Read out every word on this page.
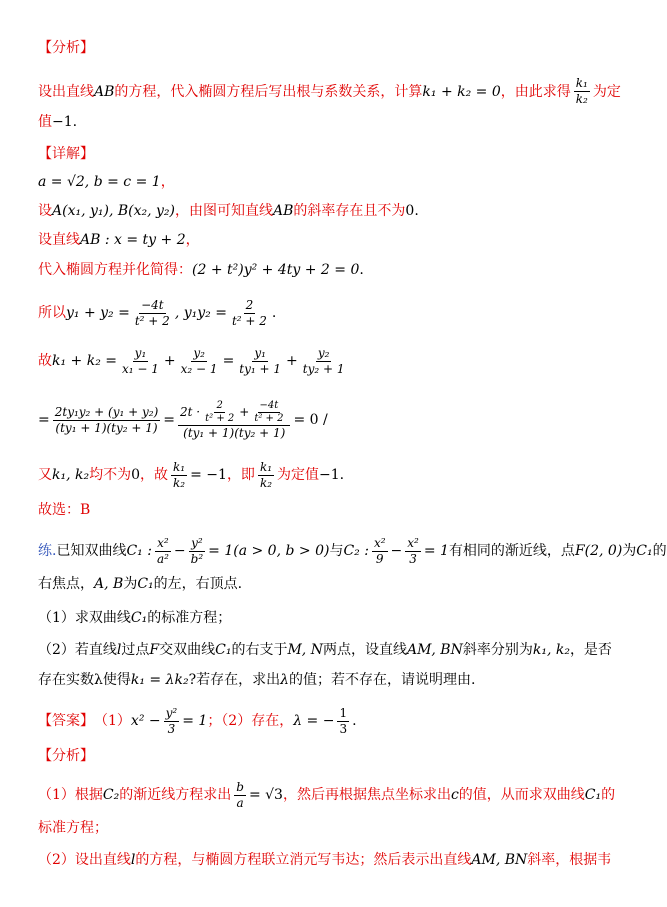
【分析】
设出直线 AB 的方程，代入椭圆方程后写出根与系数关系，计算 k₁ + k₂ = 0 ，由此求得 $\frac{\text{k₁}}{\text{k₂}}$ 为定
值 −1.
【详解】
a = √2, b = c = 1 ，
设 A(x₁, y₁), B(x₂, y₂) ，由图可知直线 AB 的斜率存在且不为 0.
设直线 AB : x = ty + 2 ，
代入椭圆方程并化简得： (2 + t²)y² + 4ty + 2 = 0 .
所以 $y_1 + y_2 = \frac{-4t}{\text{t² + 2}}$ , $y_1y_2 = \frac{2}{\text{t² + 2}}$ .
故 $k_1 + k_2 = \frac{\text{y₁}}{\text{x₁ − 1}} + \frac{\text{y₂}}{\text{x₂ − 1}} = \frac{\text{y₁}}{\text{ty₁ + 1}} + \frac{\text{y₂}}{\text{ty₂ + 1}}$
= $\frac{\text{2ty₁y₂ + (y₁ + y₂)}}{\text{(ty₁ + 1)(ty₂ + 1)}} = \frac{2t \cdot \frac{2}{\text{t² + 2}} + \frac{-4t}{\text{t² + 2}}}{\text{(ty₁ + 1)(ty₂ + 1)}} = 0$ /
又 k₁, k₂ 均不为 0 ，故 $\frac{\text{k₁}}{\text{k₂}} = -1$ ，即 $\frac{\text{k₁}}{\text{k₂}}$ 为定值 −1.
故选：B
练. 已知双曲线 C₁ : $\frac{\text{x²}}{\text{a²}} - \frac{\text{y²}}{\text{b²}} = 1(a > 0$, b > 0) 与 C₂ : $\frac{\text{x²}}{9} - \frac{\text{x²}}{3} = 1$ 有相同的渐近线，点 F(2, 0) 为 C₁ 的
右焦点， A, B 为 C₁ 的左，右顶点.
（1）求双曲线 C₁ 的标准方程；
（2）若直线 l 过点 F 交双曲线 C₁ 的右支于 M, N 两点，设直线 AM, BN 斜率分别为 k₁, k₂ ，是否
存在实数λ使得 k₁ = λk₂ ?若存在，求出 λ 的值；若不存在，请说明理由.
【答案】 （1） $x^2 - \frac{\text{y²}}{3} = 1$ ；（2）存在， λ = − $\frac{1}{3}$ .
【分析】
（1）根据 C₂ 的渐近线方程求出 $\frac{b}{a} = √3$ ，然后再根据焦点坐标求出 c 的值，从而求双曲线 C₁ 的
标准方程；
（2）设出直线 l 的方程，与椭圆方程联立消元写韦达；然后表示出直线 AM, BN 斜率，根据韦
